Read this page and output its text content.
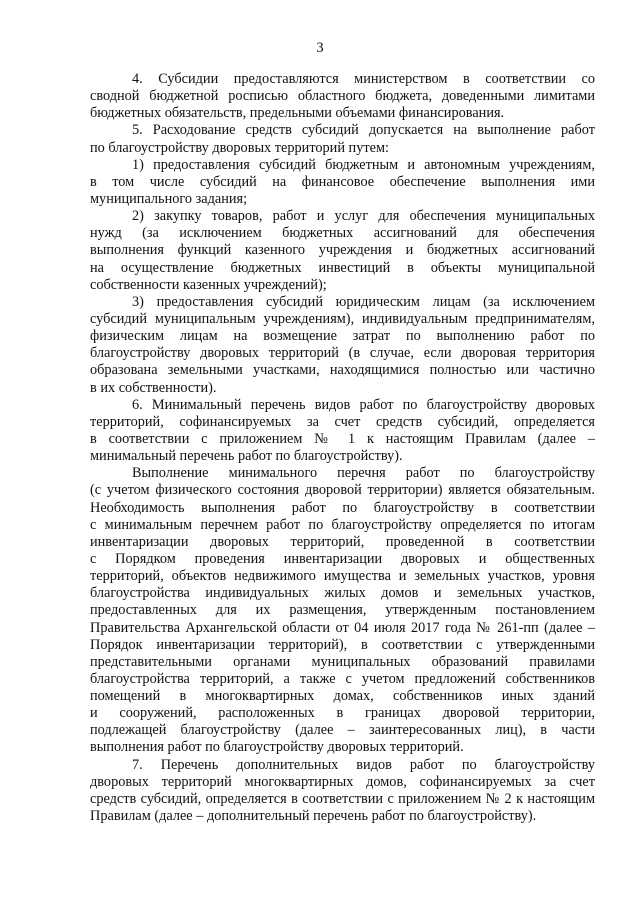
3
4. Субсидии предоставляются министерством в соответствии со
сводной бюджетной росписью областного бюджета, доведенными лимитами
бюджетных обязательств, предельными объемами финансирования.
5. Расходование средств субсидий допускается на выполнение работ
по благоустройству дворовых территорий путем:
1) предоставления субсидий бюджетным и автономным учреждениям,
в том числе субсидий на финансовое обеспечение выполнения ими
муниципального задания;
2) закупку товаров, работ и услуг для обеспечения муниципальных
нужд (за исключением бюджетных ассигнований для обеспечения
выполнения функций казенного учреждения и бюджетных ассигнований
на осуществление бюджетных инвестиций в объекты муниципальной
собственности казенных учреждений);
3) предоставления субсидий юридическим лицам (за исключением
субсидий муниципальным учреждениям), индивидуальным предпринимателям,
физическим лицам на возмещение затрат по выполнению работ по
благоустройству дворовых территорий (в случае, если дворовая территория
образована земельными участками, находящимися полностью или частично
в их собственности).
6. Минимальный перечень видов работ по благоустройству дворовых
территорий, софинансируемых за счет средств субсидий, определяется
в соответствии с приложением № 1 к настоящим Правилам (далее –
минимальный перечень работ по благоустройству).
Выполнение минимального перечня работ по благоустройству
(с учетом физического состояния дворовой территории) является обязательным.
Необходимость выполнения работ по благоустройству в соответствии
с минимальным перечнем работ по благоустройству определяется по итогам
инвентаризации дворовых территорий, проведенной в соответствии
с Порядком проведения инвентаризации дворовых и общественных
территорий, объектов недвижимого имущества и земельных участков, уровня
благоустройства индивидуальных жилых домов и земельных участков,
предоставленных для их размещения, утвержденным постановлением
Правительства Архангельской области от 04 июля 2017 года № 261-пп (далее –
Порядок инвентаризации территорий), в соответствии с утвержденными
представительными органами муниципальных образований правилами
благоустройства территорий, а также с учетом предложений собственников
помещений в многоквартирных домах, собственников иных зданий
и сооружений, расположенных в границах дворовой территории,
подлежащей благоустройству (далее – заинтересованных лиц), в части
выполнения работ по благоустройству дворовых территорий.
7. Перечень дополнительных видов работ по благоустройству
дворовых территорий многоквартирных домов, софинансируемых за счет
средств субсидий, определяется в соответствии с приложением № 2 к настоящим
Правилам (далее – дополнительный перечень работ по благоустройству).
